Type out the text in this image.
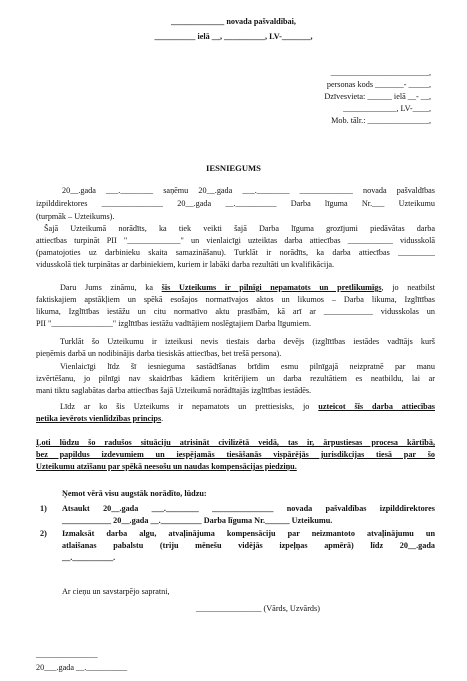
_____________ novada pašvaldībai,
__________ ielā __, __________, LV-_______,
________________________,
personas kods _______- _____,
Dzīvesvieta: ______ ielā __- __,
_____________, LV-____,
Mob. tālr.: _______________,
IESNIEGUMS
20__.gada ___.________ saņēmu 20__.gada ___.________ _____________ novada pašvaldības
izpilddirektores _______________ 20__.gada __.__________ Darba līguma Nr.___ Uzteikumu
(turpmāk – Uzteikums).
Šajā Uzteikumā norādīts, ka tiek veikti šajā Darba līguma grozījumi piedāvātas darba
attiecības turpināt PII "_____________" un vienlaicīgi uzteiktas darba attiecības ___________ vidusskolā
(pamatojoties uz darbinieku skaita samazināšanu). Turklāt ir norādīts, ka darba attiecības _________
vidusskolā tiek turpinātas ar darbiniekiem, kuriem ir labāki darba rezultāti un kvalifikācija.
Daru Jums zināmu, ka šis Uzteikums ir pilnīgi nepamatots un pretlikumīgs, jo neatbilst
faktiskajiem apstākļiem un spēkā esošajos normatīvajos aktos un likumos – Darba likuma, Izglītības
likuma, Izglītības iestāžu un citu normatīvo aktu prasībām, kā arī ar ____________ vidusskolas un
PII "_______________" izglītības iestāžu vadītājiem noslēgtajiem Darba līgumiem.
Turklāt šo Uzteikumu ir izteikusi nevis tiesīais darba devējs (izglītības iestādes vadītājs kurš
pieņēmis darbā un nodibinājis darba tiesiskās attiecības, bet trešā persona).
Vienlaicīgi līdz šī iesnieguma sastādīšanas brīdim esmu pilnīgajā neizpratnē par manu
izvērtēšanu, jo pilnīgi nav skaidrības kādiem kritērijiem un darba rezultātiem es neatbildu, lai ar
mani tiktu saglabātas darba attiecības šajā Uzteikumā norādītajās izglītības iestādēs.
Līdz ar ko šis Uzteikums ir nepamatots un prettiesisks, jo uzteicot šīs darba attiecības
netika ievērots vienlīdzības princips.
Ļoti lūdzu šo radušos situāciju atrisināt civilizētā veidā, tas ir, ārpustiesas procesa kārtībā,
bez papildus izdevumiem un iespējamās tiesāšanās vispārējās jurisdikcijas tiesā par šo
Uzteikumu atzīšanu par spēkā neesošu un naudas kompensācijas piedziņu.
Ņemot vērā visu augstāk norādīto, lūdzu:
1) Atsaukt 20__.gada ___.________ _______________ novada pašvaldības izpilddirektores
____________ 20__.gada __.__________ Darba līguma Nr.______ Uzteikumu.
2) Izmaksāt darba algu, atvaļinājuma kompensāciju par neizmantoto atvaļinājumu un
atlaišanas pabalstu (triju mēnešu vidējās izpeļņas apmērā) līdz 20__.gada
__.__________.
Ar cieņu un savstarpējo sapratni,
________________ (Vārds, Uzvārds)
_______________
20___.gada __.__________
